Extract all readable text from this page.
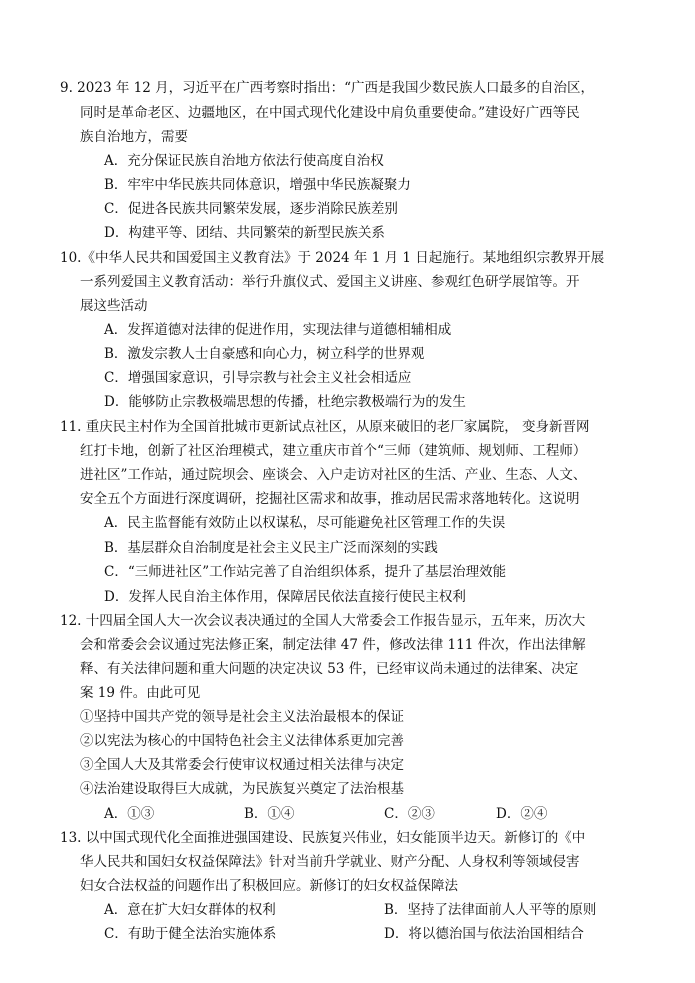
9. 2023 年 12 月，习近平在广西考察时指出：“广西是我国少数民族人口最多的自治区，
同时是革命老区、边疆地区，在中国式现代化建设中肩负重要使命。”建设好广西等民
族自治地方，需要
A．充分保证民族自治地方依法行使高度自治权
B．牢牢中华民族共同体意识，增强中华民族凝聚力
C．促进各民族共同繁荣发展，逐步消除民族差别
D．构建平等、团结、共同繁荣的新型民族关系
10.《中华人民共和国爱国主义教育法》于 2024 年 1 月 1 日起施行。某地组织宗教界开展
一系列爱国主义教育活动：举行升旗仪式、爱国主义讲座、参观红色研学展馆等。开
展这些活动
A．发挥道德对法律的促进作用，实现法律与道德相辅相成
B．激发宗教人士自豪感和向心力，树立科学的世界观
C．增强国家意识，引导宗教与社会主义社会相适应
D．能够防止宗教极端思想的传播，杜绝宗教极端行为的发生
11. 重庆民主村作为全国首批城市更新试点社区，从原来破旧的老厂家属院， 变身新晋网
红打卡地，创新了社区治理模式，建立重庆市首个“三师（建筑师、规划师、工程师）
进社区”工作站，通过院坝会、座谈会、入户走访对社区的生活、产业、生态、人文、
安全五个方面进行深度调研，挖掘社区需求和故事，推动居民需求落地转化。这说明
A．民主监督能有效防止以权谋私，尽可能避免社区管理工作的失误
B．基层群众自治制度是社会主义民主广泛而深刻的实践
C．“三师进社区”工作站完善了自治组织体系，提升了基层治理效能
D．发挥人民自治主体作用，保障居民依法直接行使民主权利
12. 十四届全国人大一次会议表决通过的全国人大常委会工作报告显示，五年来，历次大
会和常委会会议通过宪法修正案，制定法律 47 件，修改法律 111 件次，作出法律解
释、有关法律问题和重大问题的决定决议 53 件，已经审议尚未通过的法律案、决定
案 19 件。由此可见
①坚持中国共产党的领导是社会主义法治最根本的保证
②以宪法为核心的中国特色社会主义法律体系更加完善
③全国人大及其常委会行使审议权通过相关法律与决定
④法治建设取得巨大成就，为民族复兴奠定了法治根基
A．①③	B．①④	C．②③	D．②④
13. 以中国式现代化全面推进强国建设、民族复兴伟业，妇女能顶半边天。新修订的《中
华人民共和国妇女权益保障法》针对当前升学就业、财产分配、人身权利等领域侵害
妇女合法权益的问题作出了积极回应。新修订的妇女权益保障法
A．意在扩大妇女群体的权利	B．坚持了法律面前人人平等的原则
C．有助于健全法治实施体系	D．将以德治国与依法治国相结合
